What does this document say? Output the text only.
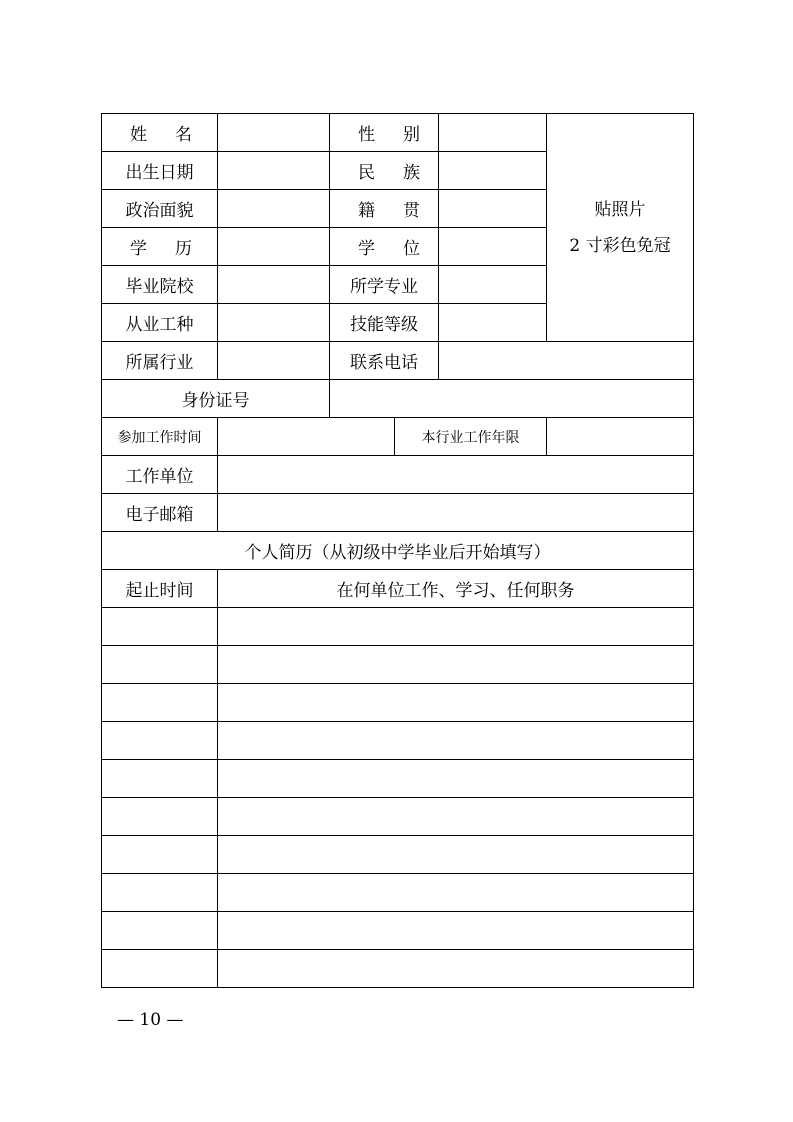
姓名		性别			贴照片
2 寸彩色免冠

出生日期		民族			
政治面貌		籍贯			
学历		学位			
毕业院校		所学专业			
从业工种		技能等级			
所属行业		联系电话			
身份证号					
参加工作时间			本行业工作年限		
工作单位					
电子邮箱					
个人简历（从初级中学毕业后开始填写）					
起止时间	在何单位工作、学习、任何职务				

— 10 —
